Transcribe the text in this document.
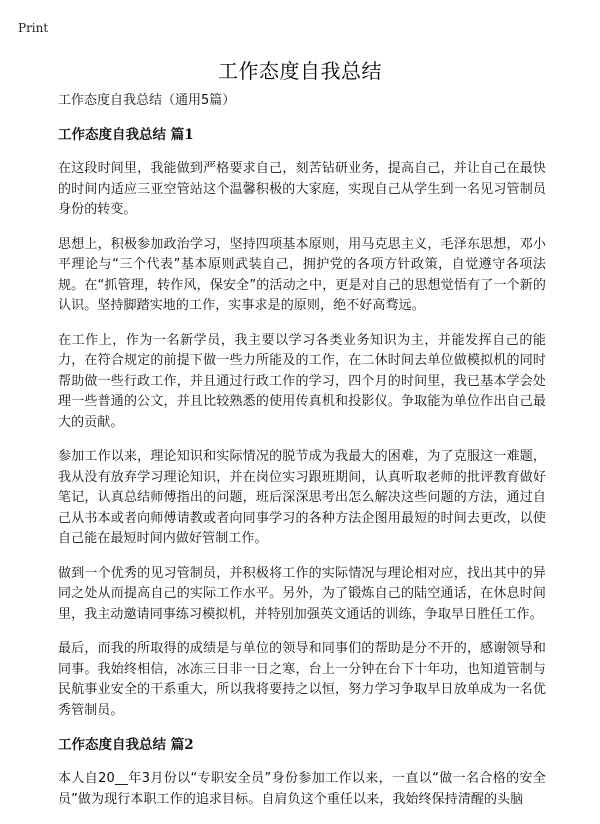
Print
工作态度自我总结

工作态度自我总结（通用5篇）

工作态度自我总结 篇1

在这段时间里，我能做到严格要求自己，刻苦钻研业务，提高自己，并让自己在最快的时间内适应三亚空管站这个温馨积极的大家庭，实现自己从学生到一名见习管制员身份的转变。

思想上，积极参加政治学习，坚持四项基本原则，用马克思主义，毛泽东思想，邓小平理论与“三个代表”基本原则武装自己，拥护党的各项方针政策，自觉遵守各项法规。在“抓管理，转作风，保安全”的活动之中，更是对自己的思想觉悟有了一个新的认识。坚持脚踏实地的工作，实事求是的原则，绝不好高骛远。

在工作上，作为一名新学员，我主要以学习各类业务知识为主，并能发挥自己的能力，在符合规定的前提下做一些力所能及的工作，在二休时间去单位做模拟机的同时帮助做一些行政工作，并且通过行政工作的学习，四个月的时间里，我已基本学会处理一些普通的公文，并且比较熟悉的使用传真机和投影仪。争取能为单位作出自己最大的贡献。

参加工作以来，理论知识和实际情况的脱节成为我最大的困难，为了克服这一难题，我从没有放弃学习理论知识，并在岗位实习跟班期间，认真听取老师的批评教育做好笔记，认真总结师傅指出的问题，班后深深思考出怎么解决这些问题的方法，通过自己从书本或者向师傅请教或者向同事学习的各种方法企图用最短的时间去更改，以使自己能在最短时间内做好管制工作。

做到一个优秀的见习管制员，并积极将工作的实际情况与理论相对应，找出其中的异同之处从而提高自己的实际工作水平。另外，为了锻炼自己的陆空通话，在休息时间里，我主动邀请同事练习模拟机，并特别加强英文通话的训练，争取早日胜任工作。

最后，而我的所取得的成绩是与单位的领导和同事们的帮助是分不开的，感谢领导和同事。我始终相信，冰冻三日非一日之寒，台上一分钟在台下十年功，也知道管制与民航事业安全的干系重大，所以我将要持之以恒，努力学习争取早日放单成为一名优秀管制员。

工作态度自我总结 篇2

本人自20__年3月份以“专职安全员”身份参加工作以来，一直以“做一名合格的安全员”做为现行本职工作的追求目标。自肩负这个重任以来，我始终保持清醒的头脑
